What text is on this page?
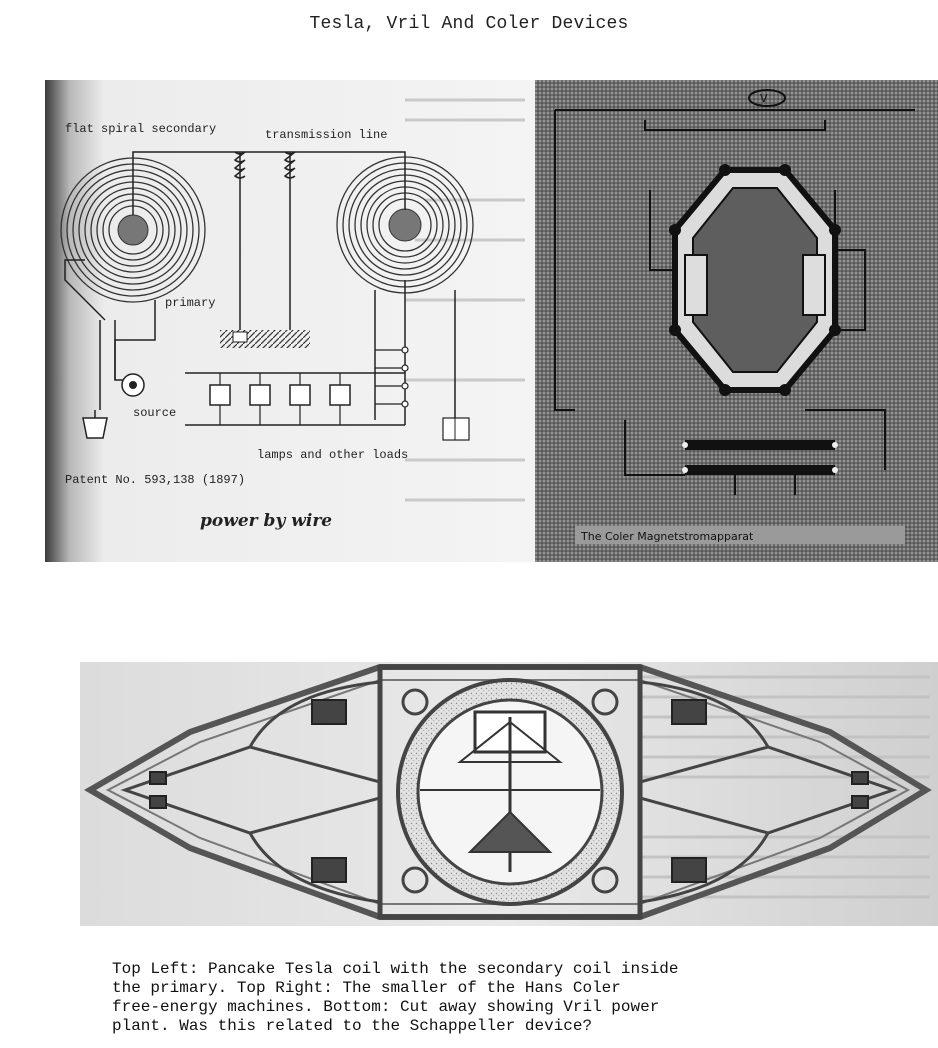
Tesla, Vril And Coler Devices
flat spiral secondary	transmission line
primary
source
lamps and other loads
Patent No. 593,138 (1897)
power by wire
V
The Coler Magnetstromapparat
Top Left: Pancake Tesla coil with the secondary coil inside
the primary. Top Right: The smaller of the Hans Coler
free-energy machines. Bottom: Cut away showing Vril power
plant. Was this related to the Schappeller device?
